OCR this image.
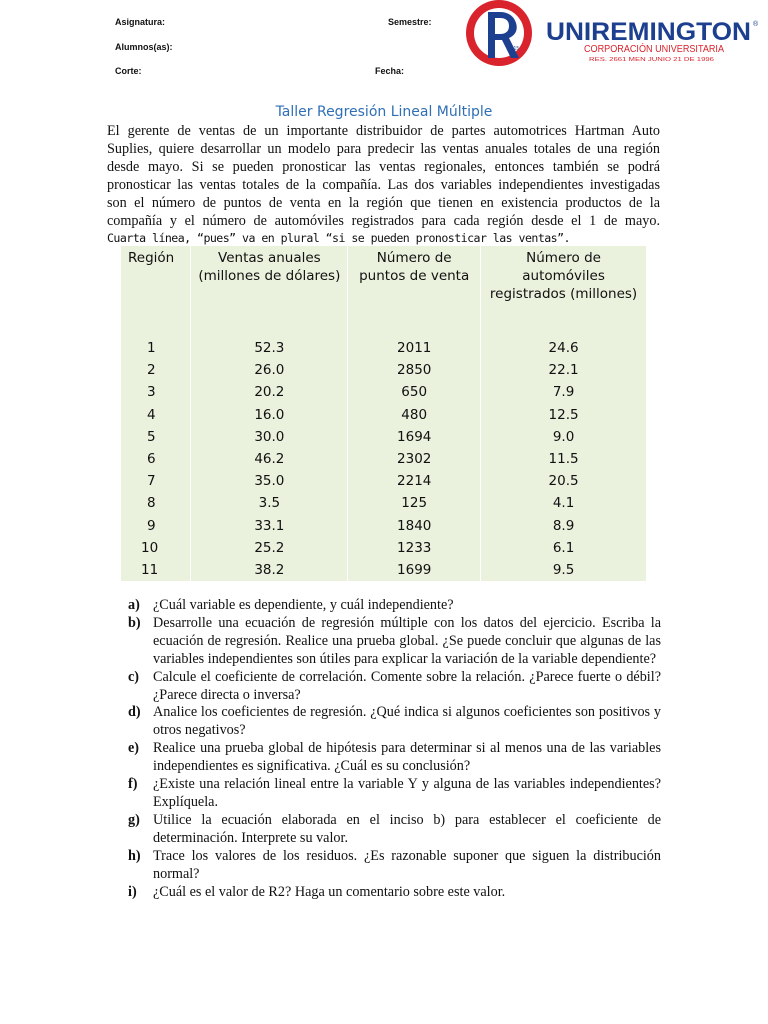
Asignatura:	Semestre:
Alumnos(as):
Corte:	Fecha:
1915
UNIREMINGTON ®
CORPORACIÓN UNIVERSITARIA
RES. 2661 MEN JUNIO 21 DE 1996
Taller Regresión Lineal Múltiple
El gerente de ventas de un importante distribuidor de partes automotrices Hartman Auto
Suplies, quiere desarrollar un modelo para predecir las ventas anuales totales de una región
desde mayo. Si se pueden pronosticar las ventas regionales, entonces también se podrá
pronosticar las ventas totales de la compañía. Las dos variables independientes investigadas
son el número de puntos de venta en la región que tienen en existencia productos de la
compañía y el número de automóviles registrados para cada región desde el 1 de mayo.
Cuarta línea, “pues” va en plural “si se pueden pronosticar las ventas”.
Región	Ventas anuales (millones de dólares)	Número de puntos de venta	Número de automóviles registrados (millones)
1	52.3	2011	24.6
2	26.0	2850	22.1
3	20.2	650	7.9
4	16.0	480	12.5
5	30.0	1694	9.0
6	46.2	2302	11.5
7	35.0	2214	20.5
8	3.5	125	4.1
9	33.1	1840	8.9
10	25.2	1233	6.1
11	38.2	1699	9.5
a) ¿Cuál variable es dependiente, y cuál independiente?
b) Desarrolle una ecuación de regresión múltiple con los datos del ejercicio. Escriba la ecuación de regresión. Realice una prueba global. ¿Se puede concluir que algunas de las variables independientes son útiles para explicar la variación de la variable dependiente?
c) Calcule el coeficiente de correlación. Comente sobre la relación. ¿Parece fuerte o débil? ¿Parece directa o inversa?
d) Analice los coeficientes de regresión. ¿Qué indica si algunos coeficientes son positivos y otros negativos?
e) Realice una prueba global de hipótesis para determinar si al menos una de las variables independientes es significativa. ¿Cuál es su conclusión?
f) ¿Existe una relación lineal entre la variable Y y alguna de las variables independientes? Explíquela.
g) Utilice la ecuación elaborada en el inciso b) para establecer el coeficiente de determinación. Interprete su valor.
h) Trace los valores de los residuos. ¿Es razonable suponer que siguen la distribución normal?
i) ¿Cuál es el valor de R2? Haga un comentario sobre este valor.
